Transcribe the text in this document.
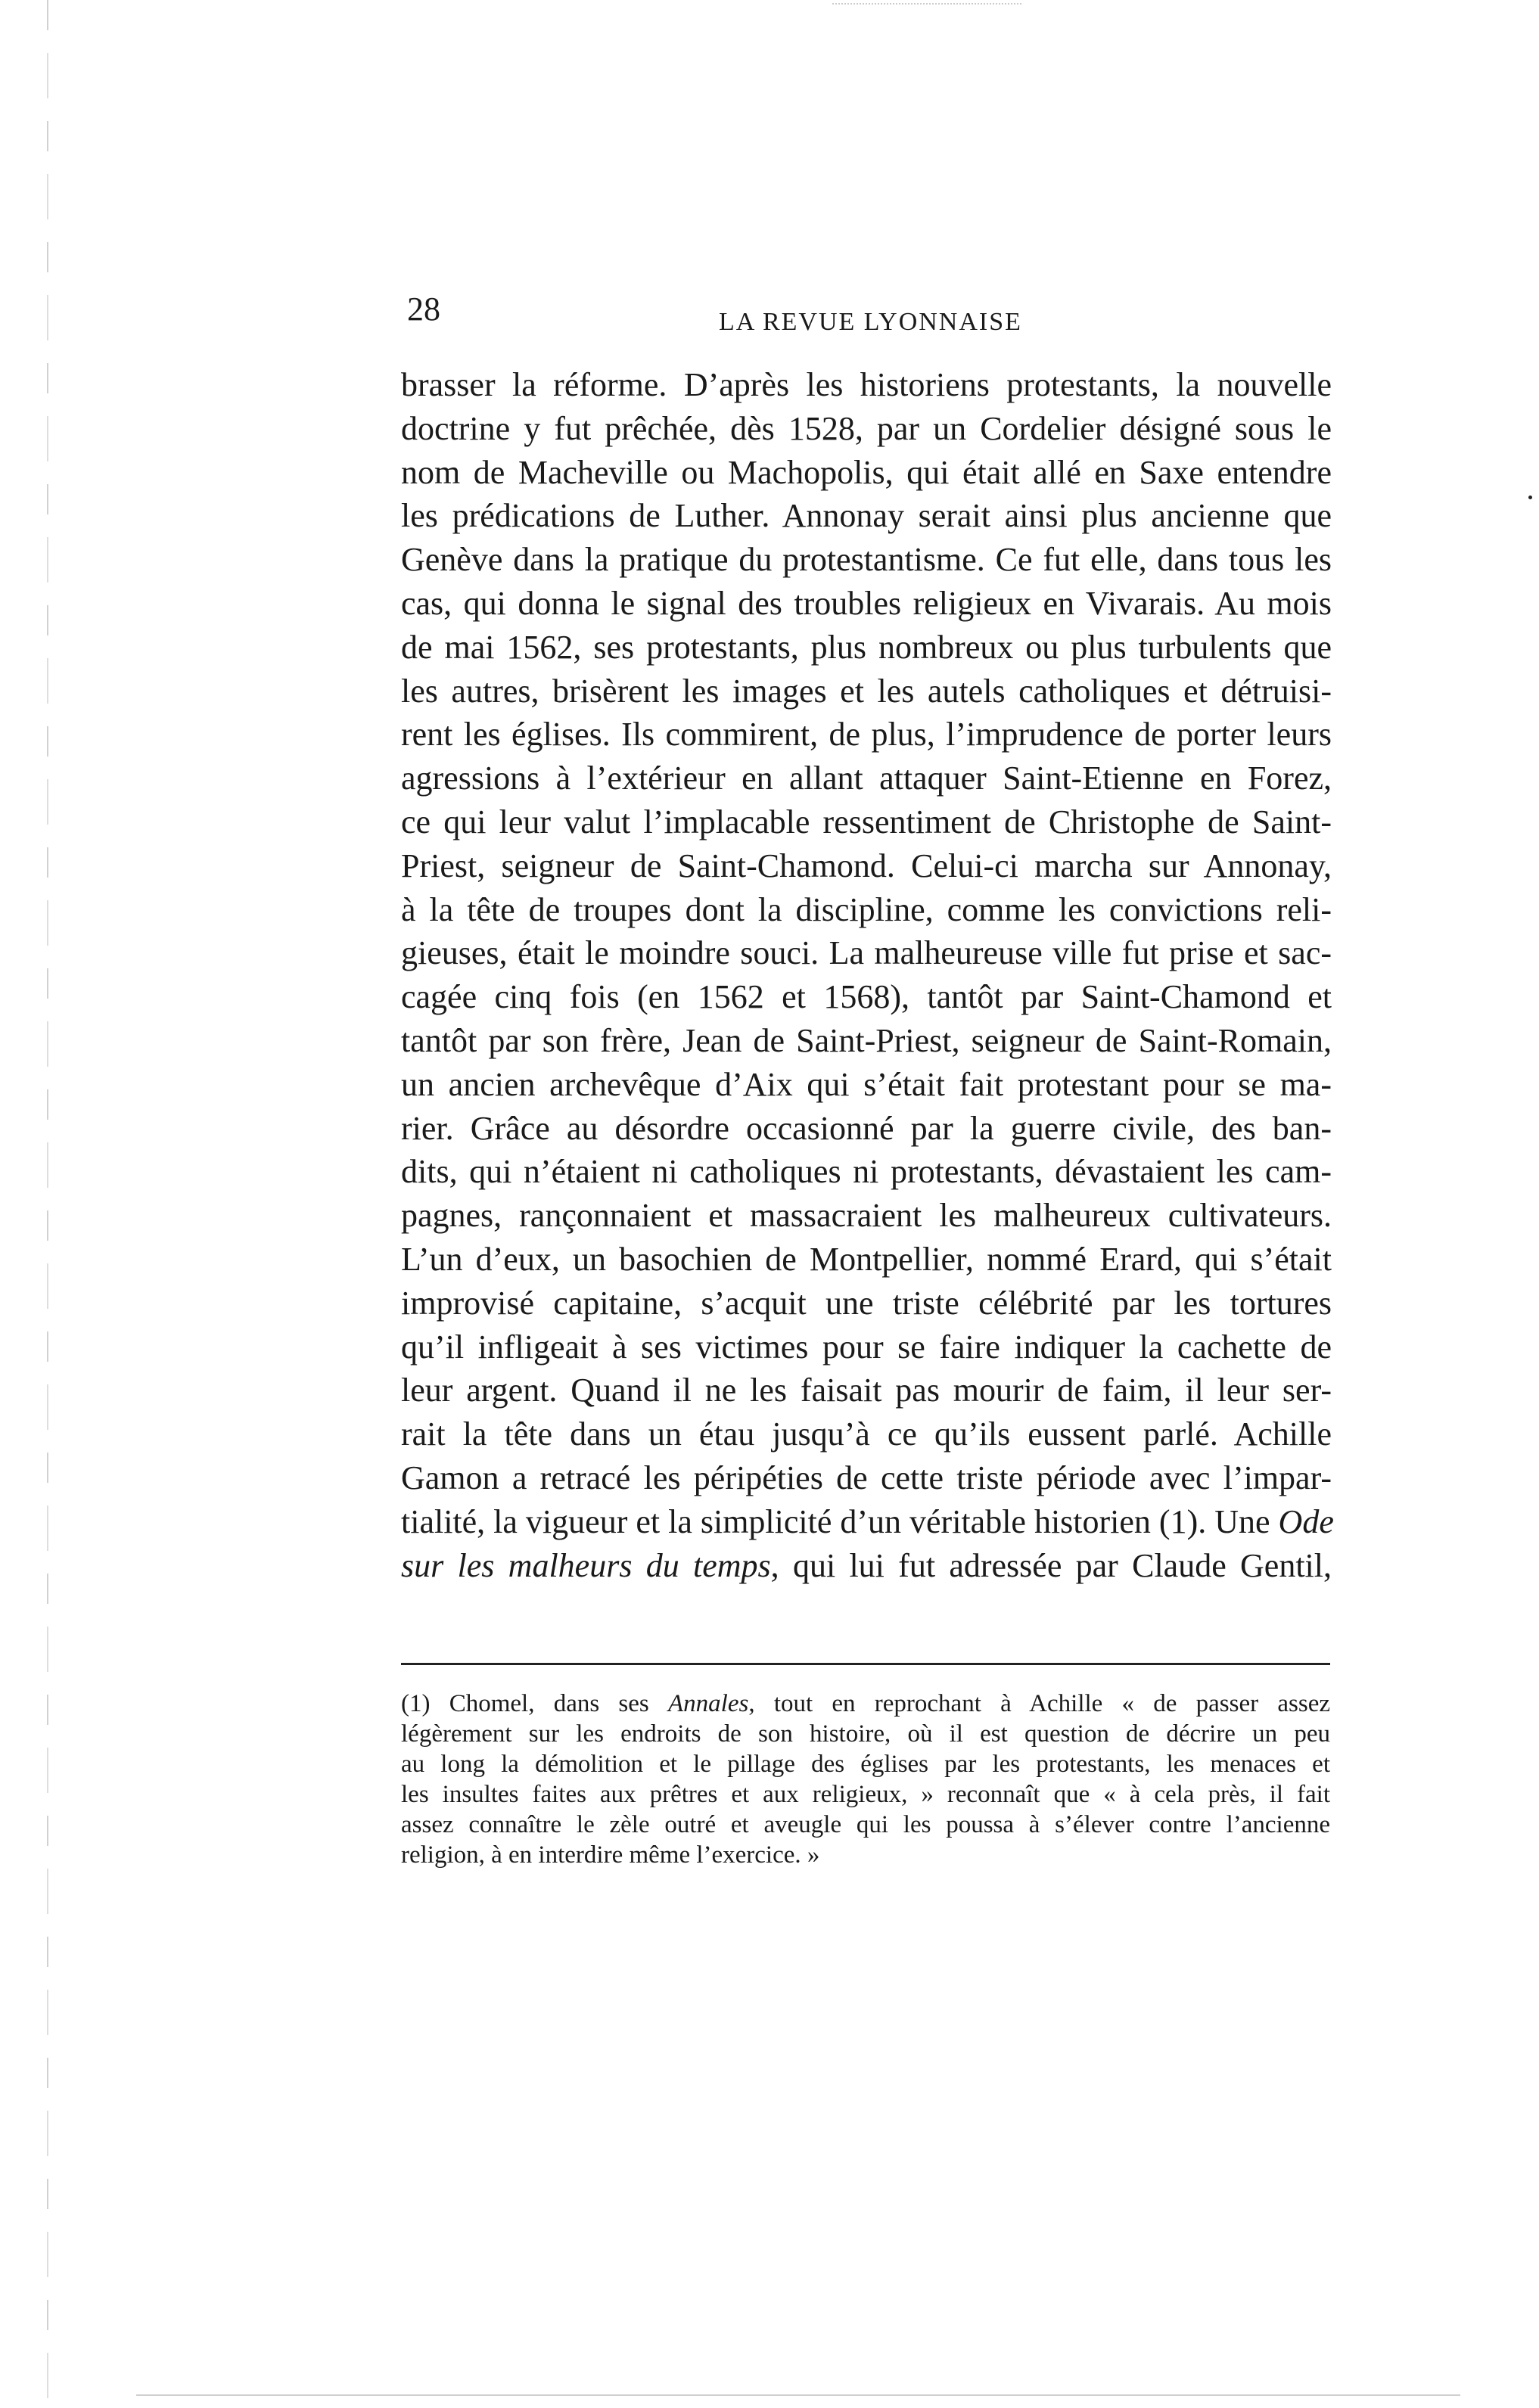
28	LA REVUE LYONNAISE
brasser la réforme. D’après les historiens protestants, la nouvelle
doctrine y fut prêchée, dès 1528, par un Cordelier désigné sous le
nom de Macheville ou Machopolis, qui était allé en Saxe entendre
les prédications de Luther. Annonay serait ainsi plus ancienne que
Genève dans la pratique du protestantisme. Ce fut elle, dans tous les
cas, qui donna le signal des troubles religieux en Vivarais. Au mois
de mai 1562, ses protestants, plus nombreux ou plus turbulents que
les autres, brisèrent les images et les autels catholiques et détruisi-
rent les églises. Ils commirent, de plus, l’imprudence de porter leurs
agressions à l’extérieur en allant attaquer Saint-Etienne en Forez,
ce qui leur valut l’implacable ressentiment de Christophe de Saint-
Priest, seigneur de Saint-Chamond. Celui-ci marcha sur Annonay,
à la tête de troupes dont la discipline, comme les convictions reli-
gieuses, était le moindre souci. La malheureuse ville fut prise et sac-
cagée cinq fois (en 1562 et 1568), tantôt par Saint-Chamond et
tantôt par son frère, Jean de Saint-Priest, seigneur de Saint-Romain,
un ancien archevêque d’Aix qui s’était fait protestant pour se ma-
rier. Grâce au désordre occasionné par la guerre civile, des ban-
dits, qui n’étaient ni catholiques ni protestants, dévastaient les cam-
pagnes, rançonnaient et massacraient les malheureux cultivateurs.
L’un d’eux, un basochien de Montpellier, nommé Erard, qui s’était
improvisé capitaine, s’acquit une triste célébrité par les tortures
qu’il infligeait à ses victimes pour se faire indiquer la cachette de
leur argent. Quand il ne les faisait pas mourir de faim, il leur ser-
rait la tête dans un étau jusqu’à ce qu’ils eussent parlé. Achille
Gamon a retracé les péripéties de cette triste période avec l’impar-
tialité, la vigueur et la simplicité d’un véritable historien (1). Une Ode
sur les malheurs du temps, qui lui fut adressée par Claude Gentil,
(1) Chomel, dans ses Annales, tout en reprochant à Achille « de passer assez
légèrement sur les endroits de son histoire, où il est question de décrire un peu
au long la démolition et le pillage des églises par les protestants, les menaces et
les insultes faites aux prêtres et aux religieux, » reconnaît que « à cela près, il fait
assez connaître le zèle outré et aveugle qui les poussa à s’élever contre l’ancienne
religion, à en interdire même l’exercice. »
